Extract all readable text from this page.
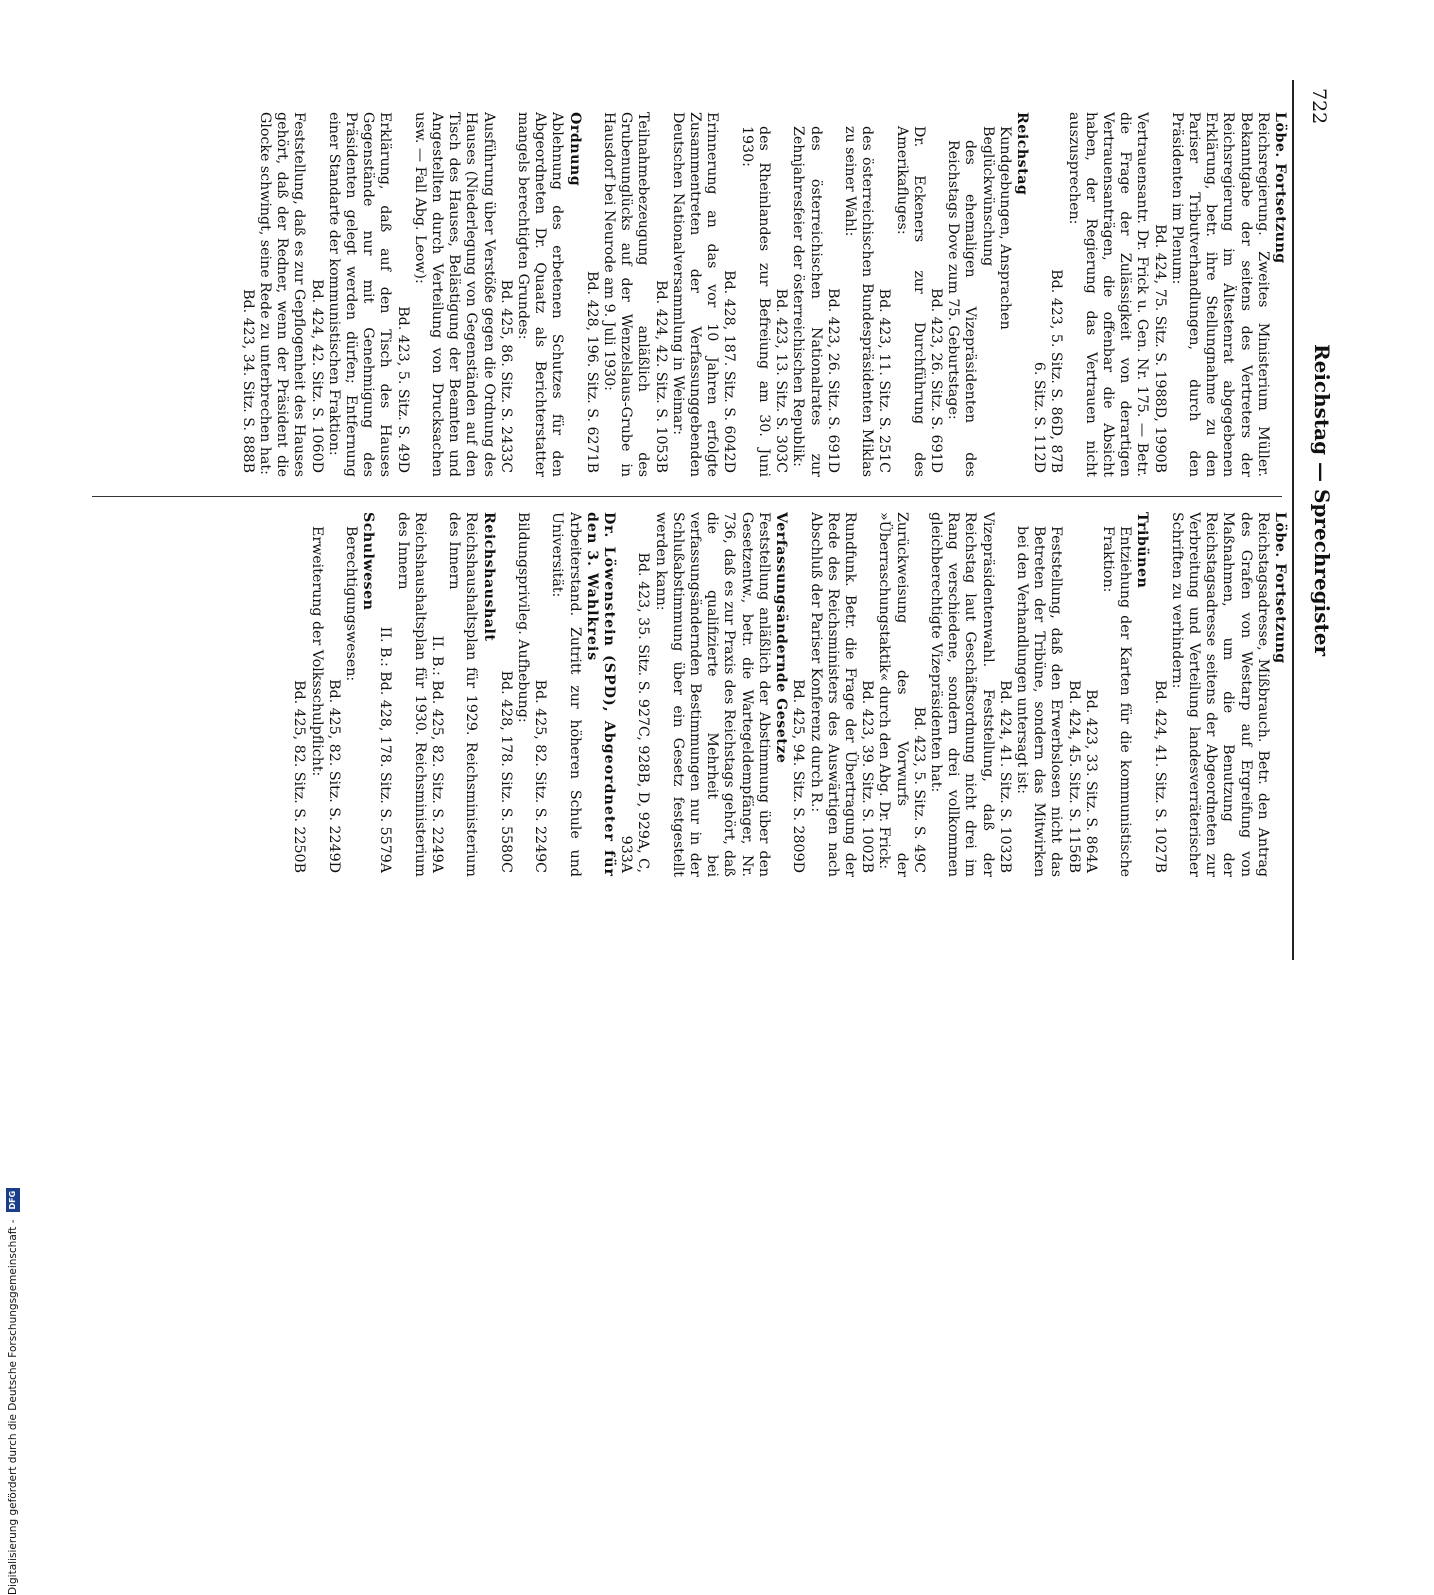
722
Reichstag — Sprechregister
Löbe. Fortsetzung
Reichsregierung. Zweites Ministerium Müller. Bekanntgabe der seitens des Vertreters der Reichsregierung im Ältestenrat abgegebenen Erklärung, betr. ihre Stellungnahme zu den Pariser Tributverhandlungen, durch den Präsidenten im Plenum:
Bd. 424, 75. Sitz. S. 1988D, 1990B
Vertrauensantr. Dr. Frick u. Gen. Nr. 175. — Betr. die Frage der Zulässigkeit von derartigen Vertrauensanträgen, die offenbar die Absicht haben, der Regierung das Vertrauen nicht auszusprechen:
Bd. 423, 5. Sitz. S. 86D, 87B
6. Sitz. S. 112D
Reichstag
Kundgebungen, Ansprachen
Beglückwünschung
des ehemaligen Vizepräsidenten des Reichstags Dove zum 75. Geburtstage:
Bd. 423, 26. Sitz. S. 691D
Dr. Eckeners zur Durchführung des Amerikafluges:
Bd. 423, 11. Sitz. S. 251C
des österreichischen Bundespräsidenten Miklas zu seiner Wahl:
Bd. 423, 26. Sitz. S. 691D
des österreichischen Nationalrates zur Zehnjahresfeier der österreichischen Republik:
Bd. 423, 13. Sitz. S. 303C
des Rheinlandes zur Befreiung am 30. Juni 1930:
Bd. 428, 187. Sitz. S. 6042D
Erinnerung an das vor 10 Jahren erfolgte Zusammentreten der Verfassunggebenden Deutschen Nationalversammlung in Weimar:
Bd. 424, 42. Sitz. S. 1053B
Teilnahmebezeugung anläßlich des Grubenunglücks auf der Wenzelslaus-Grube in Hausdorf bei Neurode am 9. Juli 1930:
Bd. 428, 196. Sitz. S. 6271B
Ordnung
Ablehnung des erbetenen Schutzes für den Abgeordneten Dr. Quaatz als Berichterstatter mangels berechtigten Grundes:
Bd. 425, 86. Sitz. S. 2433C
Ausführung über Verstöße gegen die Ordnung des Hauses (Niederlegung von Gegenständen auf den Tisch des Hauses, Belästigung der Beamten und Angestellten durch Verteilung von Drucksachen usw. — Fall Abg. Leow):
Bd. 423, 5. Sitz. S. 49D
Erklärung, daß auf den Tisch des Hauses Gegenstände nur mit Genehmigung des Präsidenten gelegt werden dürfen; Entfernung einer Standarte der kommunistischen Fraktion:
Bd. 424, 42. Sitz. S. 1060D
Feststellung, daß es zur Gepflogenheit des Hauses gehört, daß der Redner, wenn der Präsident die Glocke schwingt, seine Rede zu unterbrechen hat:
Bd. 423, 34. Sitz. S. 888B
Löbe. Fortsetzung
Reichstagsadresse, Mißbrauch. Betr. den Antrag des Grafen von Westarp auf Ergreifung von Maßnahmen, um die Benutzung der Reichstagsadresse seitens der Abgeordneten zur Verbreitung und Verteilung landesverräterischer Schriften zu verhindern:
Bd. 424, 41. Sitz. S. 1027B
Tribünen
Entziehung der Karten für die kommunistische Fraktion:
Bd. 423, 33. Sitz. S. 864A
Bd. 424, 45. Sitz. S. 1156B
Feststellung, daß den Erwerbslosen nicht das Betreten der Tribüne, sondern das Mitwirken bei den Verhandlungen untersagt ist:
Bd. 424, 41. Sitz. S. 1032B
Vizepräsidentenwahl. Feststellung, daß der Reichstag laut Geschäftsordnung nicht drei im Rang verschiedene, sondern drei vollkommen gleichberechtigte Vizepräsidenten hat:
Bd. 423, 5. Sitz. S. 49C
Zurückweisung des Vorwurfs der »Überraschungstaktik« durch den Abg. Dr. Frick:
Bd. 423, 39. Sitz. S. 1002B
Rundfunk. Betr. die Frage der Übertragung der Rede des Reichsministers des Auswärtigen nach Abschluß der Pariser Konferenz durch R.:
Bd. 425, 94. Sitz. S. 2809D
Verfassungsändernde Gesetze
Feststellung anläßlich der Abstimmung über den Gesetzentw., betr. die Wartegeldempfänger, Nr. 736, daß es zur Praxis des Reichstags gehört, daß die qualifizierte Mehrheit bei verfassungsändernden Bestimmungen nur in der Schlußabstimmung über ein Gesetz festgestellt werden kann:
Bd. 423, 35. Sitz. S. 927C, 928B, D, 929A, C, 933A
Dr. Löwenstein (SPD), Abgeordneter für den 3. Wahlkreis
Arbeiterstand. Zutritt zur höheren Schule und Universität:
Bd. 425, 82. Sitz. S. 2249C
Bildungsprivileg. Aufhebung:
Bd. 428, 178. Sitz. S. 5580C
Reichshaushalt
Reichshaushaltsplan für 1929. Reichsministerium des Innern
II. B.: Bd. 425, 82. Sitz. S. 2249A
Reichshaushaltsplan für 1930. Reichsministerium des Innern
II. B.: Bd. 428, 178. Sitz. S. 5579A
Schulwesen
Berechtigungswesen:
Bd. 425, 82. Sitz. S. 2249D
Erweiterung der Volksschulpflicht:
Bd. 425, 82. Sitz. S. 2250B
Digitalisierung gefördert durch die Deutsche Forschungsgemeinschaft - DFG
